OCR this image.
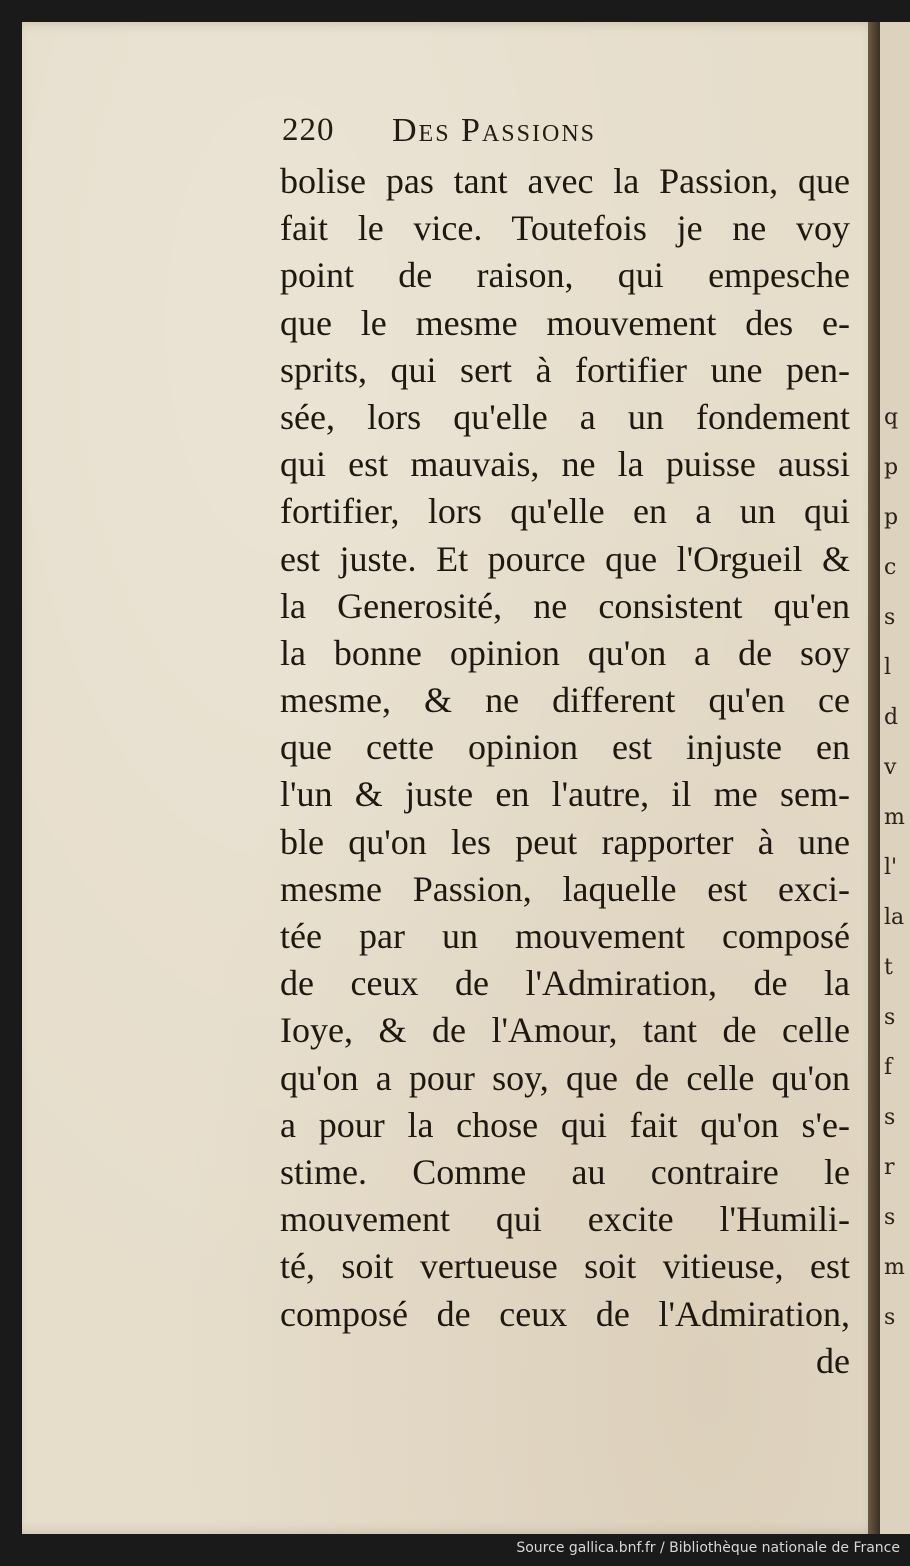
q
p
p
c
s
l
d
v
m
l'
la
t
s
f
s
r
s
m
s
220 Des Passions
bolise pas tant avec la Passion, que
fait le vice. Toutefois je ne voy
point de raison, qui empesche
que le mesme mouvement des e-
sprits, qui sert à fortifier une pen-
sée, lors qu'elle a un fondement
qui est mauvais, ne la puisse aussi
fortifier, lors qu'elle en a un qui
est juste. Et pource que l'Orgueil &
la Generosité, ne consistent qu'en
la bonne opinion qu'on a de soy
mesme, & ne different qu'en ce
que cette opinion est injuste en
l'un & juste en l'autre, il me sem-
ble qu'on les peut rapporter à une
mesme Passion, laquelle est exci-
tée par un mouvement composé
de ceux de l'Admiration, de la
Ioye, & de l'Amour, tant de celle
qu'on a pour soy, que de celle qu'on
a pour la chose qui fait qu'on s'e-
stime. Comme au contraire le
mouvement qui excite l'Humili-
té, soit vertueuse soit vitieuse, est
composé de ceux de l'Admiration,
de
Source gallica.bnf.fr / Bibliothèque nationale de France
